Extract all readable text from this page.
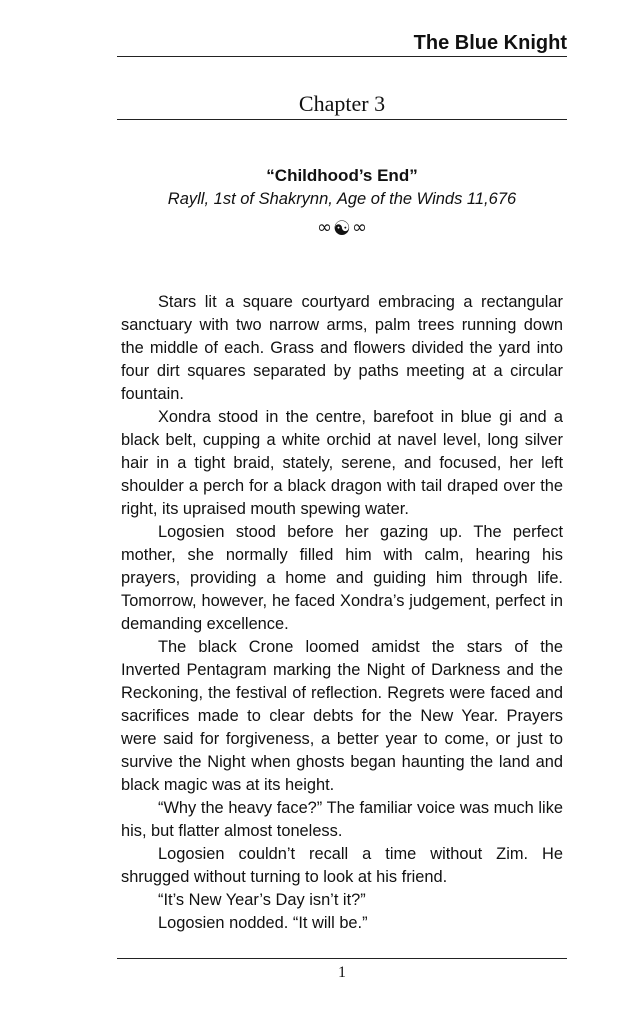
The Blue Knight
Chapter 3
“Childhood’s End”
Rayll, 1st of Shakrynn, Age of the Winds 11,676
∞☯∞

Stars lit a square courtyard embracing a rectangular sanctuary with two narrow arms, palm trees running down the middle of each. Grass and flowers divided the yard into four dirt squares separated by paths meeting at a circular fountain.

Xondra stood in the centre, barefoot in blue gi and a black belt, cupping a white orchid at navel level, long silver hair in a tight braid, stately, serene, and focused, her left shoulder a perch for a black dragon with tail draped over the right, its upraised mouth spewing water.

Logosien stood before her gazing up. The perfect mother, she normally filled him with calm, hearing his prayers, providing a home and guiding him through life. Tomorrow, however, he faced Xondra’s judgement, perfect in demanding excellence.

The black Crone loomed amidst the stars of the Inverted Pentagram marking the Night of Darkness and the Reckoning, the festival of reflection. Regrets were faced and sacrifices made to clear debts for the New Year. Prayers were said for forgiveness, a better year to come, or just to survive the Night when ghosts began haunting the land and black magic was at its height.

“Why the heavy face?” The familiar voice was much like his, but flatter almost toneless.

Logosien couldn’t recall a time without Zim. He shrugged without turning to look at his friend.

“It’s New Year’s Day isn’t it?”

Logosien nodded. “It will be.”

1
